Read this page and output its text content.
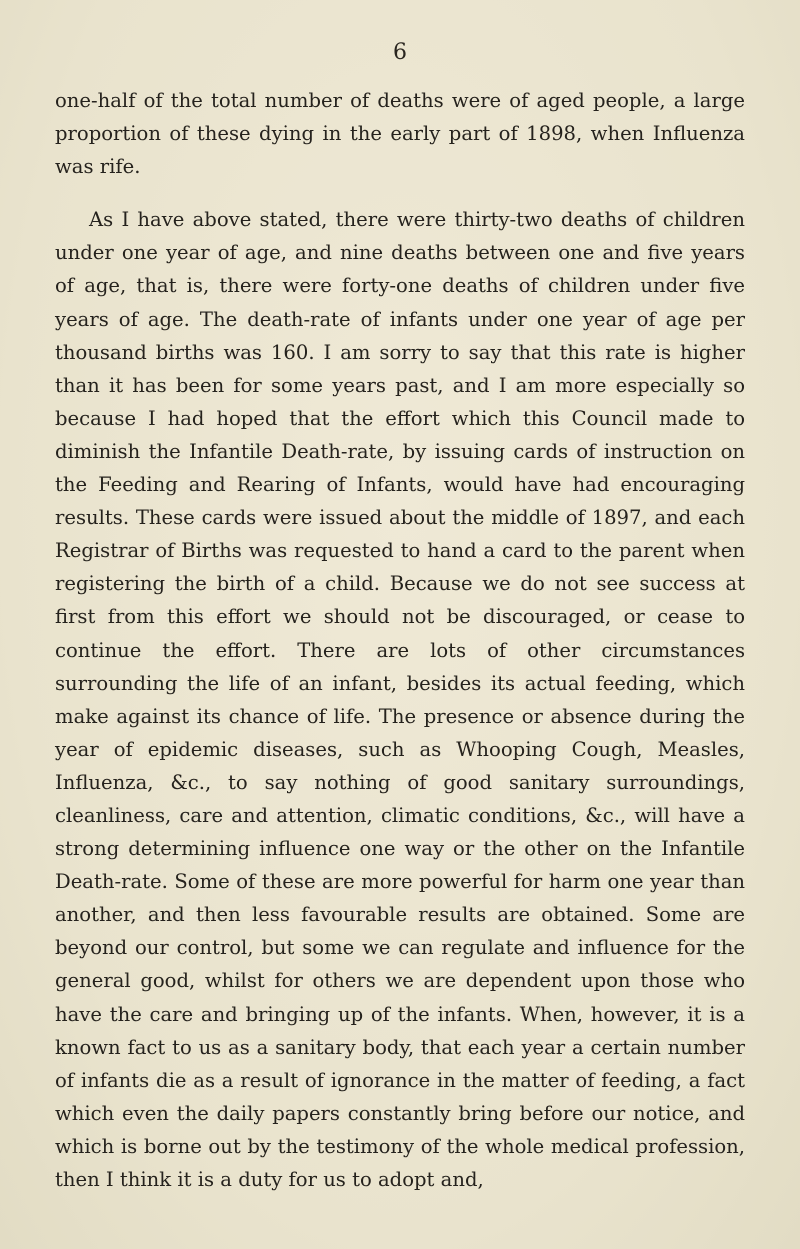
6

one-half of the total number of deaths were of aged people, a large proportion of these dying in the early part of 1898, when Influenza was rife.

As I have above stated, there were thirty-two deaths of children under one year of age, and nine deaths between one and five years of age, that is, there were forty-one deaths of children under five years of age. The death-rate of infants under one year of age per thousand births was 160. I am sorry to say that this rate is higher than it has been for some years past, and I am more especially so because I had hoped that the effort which this Council made to diminish the Infantile Death-rate, by issuing cards of instruction on the Feeding and Rearing of Infants, would have had encouraging results. These cards were issued about the middle of 1897, and each Registrar of Births was requested to hand a card to the parent when registering the birth of a child. Because we do not see success at first from this effort we should not be discouraged, or cease to continue the effort. There are lots of other circumstances surrounding the life of an infant, besides its actual feeding, which make against its chance of life. The presence or absence during the year of epidemic diseases, such as Whooping Cough, Measles, Influenza, &c., to say nothing of good sanitary surroundings, cleanliness, care and attention, climatic conditions, &c., will have a strong determining influence one way or the other on the Infantile Death-rate. Some of these are more powerful for harm one year than another, and then less favourable results are obtained. Some are beyond our control, but some we can regulate and influence for the general good, whilst for others we are dependent upon those who have the care and bringing up of the infants. When, however, it is a known fact to us as a sanitary body, that each year a certain number of infants die as a result of ignorance in the matter of feeding, a fact which even the daily papers constantly bring before our notice, and which is borne out by the testimony of the whole medical profession, then I think it is a duty for us to adopt and,
